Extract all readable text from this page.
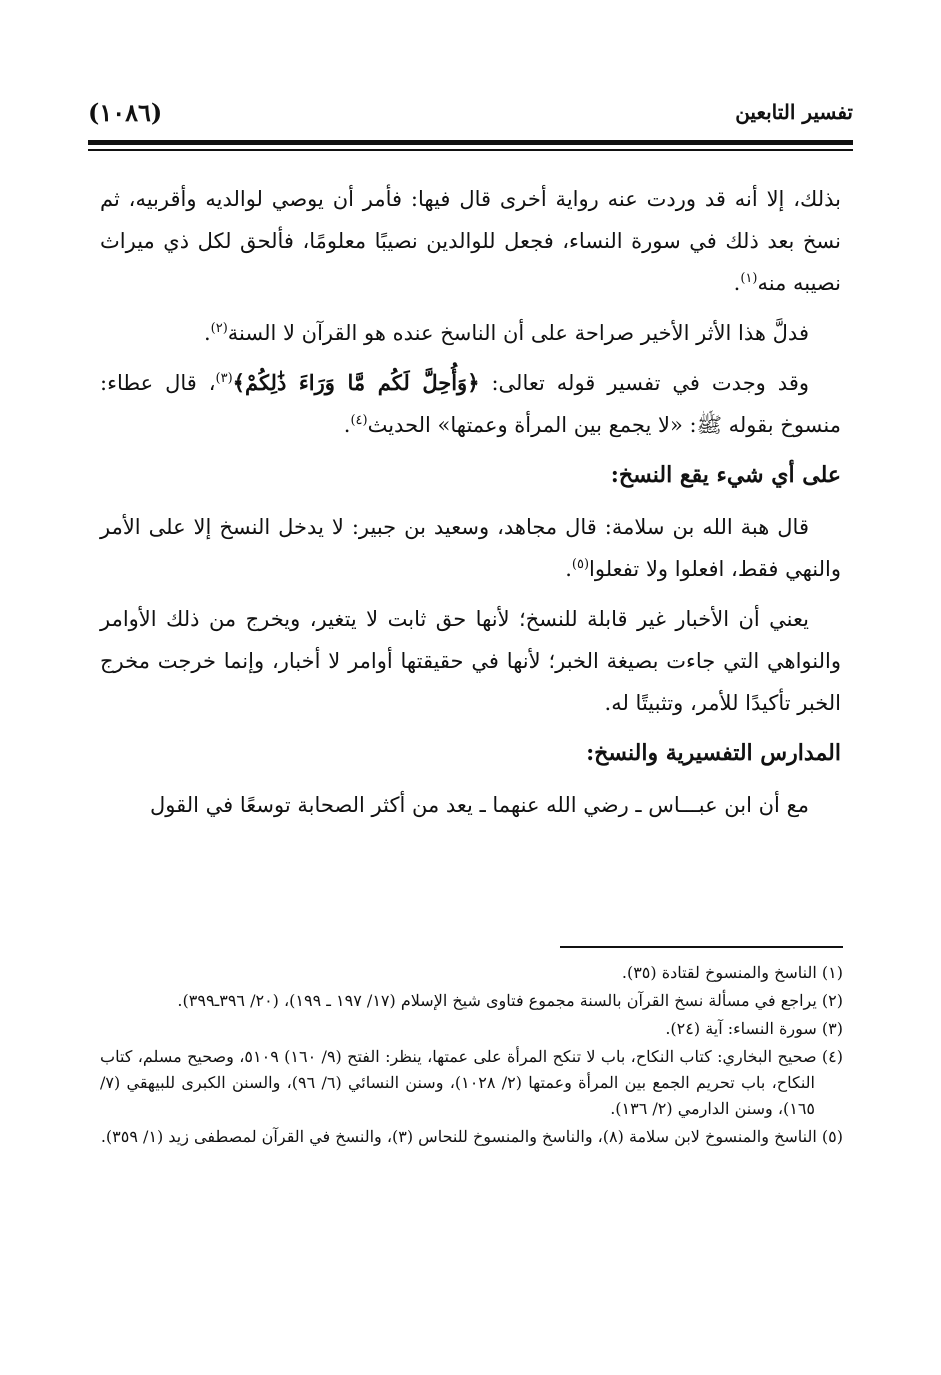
(١٠٨٦)	تفسير التابعين

بذلك، إلا أنه قد وردت عنه رواية أخرى قال فيها: فأمر أن يوصي لوالديه وأقربيه، ثم نسخ بعد ذلك في سورة النساء، فجعل للوالدين نصيبًا معلومًا، فألحق لكل ذي ميراث نصيبه منه$^{(١)}$.

فدلَّ هذا الأثر الأخير صراحة على أن الناسخ عنده هو القرآن لا السنة$^{(٢)}$.

وقد وجدت في تفسير قوله تعالى: ﴿وَأُحِلَّ لَكُم مَّا وَرَاءَ ذَٰلِكُمْ﴾$^{(٣)}$، قال عطاء: منسوخ بقوله ﷺ: «لا يجمع بين المرأة وعمتها» الحديث$^{(٤)}$.

على أي شيء يقع النسخ:

قال هبة الله بن سلامة: قال مجاهد، وسعيد بن جبير: لا يدخل النسخ إلا على الأمر والنهي فقط، افعلوا ولا تفعلوا$^{(٥)}$.

يعني أن الأخبار غير قابلة للنسخ؛ لأنها حق ثابت لا يتغير، ويخرج من ذلك الأوامر والنواهي التي جاءت بصيغة الخبر؛ لأنها في حقيقتها أوامر لا أخبار، وإنما خرجت مخرج الخبر تأكيدًا للأمر، وتثبيتًا له.

المدارس التفسيرية والنسخ:

مع أن ابن عبـــاس ـ رضي الله عنهما ـ يعد من أكثر الصحابة توسعًا في القول

(١) الناسخ والمنسوخ لقتادة (٣٥).

(٢) يراجع في مسألة نسخ القرآن بالسنة مجموع فتاوى شيخ الإسلام (١٧/ ١٩٧ ـ ١٩٩)، (٢٠/ ٣٩٦ـ٣٩٩).

(٣) سورة النساء: آية (٢٤).

(٤) صحيح البخاري: كتاب النكاح، باب لا تنكح المرأة على عمتها، ينظر: الفتح (٩/ ١٦٠) ٥١٠٩، وصحيح مسلم، كتاب النكاح، باب تحريم الجمع بين المرأة وعمتها (٢/ ١٠٢٨)، وسنن النسائي (٦/ ٩٦)، والسنن الكبرى للبيهقي (٧/ ١٦٥)، وسنن الدارمي (٢/ ١٣٦).

(٥) الناسخ والمنسوخ لابن سلامة (٨)، والناسخ والمنسوخ للنحاس (٣)، والنسخ في القرآن لمصطفى زيد (١/ ٣٥٩).
